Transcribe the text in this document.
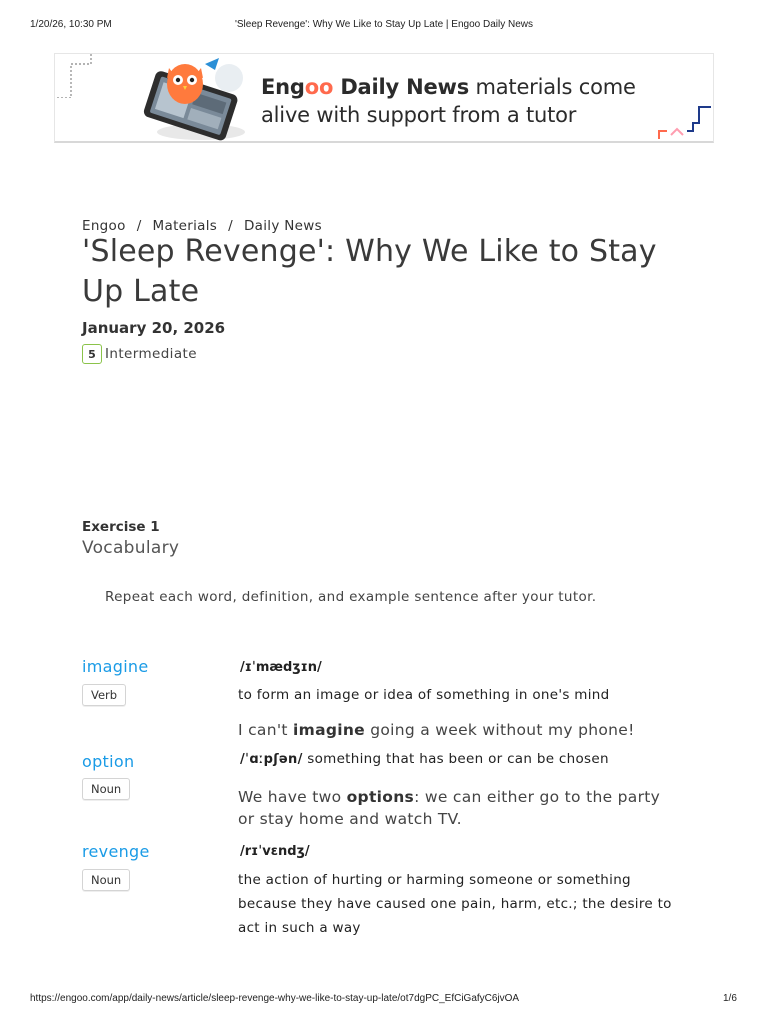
1/20/26, 10:30 PM	'Sleep Revenge': Why We Like to Stay Up Late | Engoo Daily News
Engoo Daily News materials come
alive with support from a tutor
Engoo / Materials / Daily News
'Sleep Revenge': Why We Like to Stay Up Late
January 20, 2026
5 Intermediate
Exercise 1
Vocabulary
Repeat each word, definition, and example sentence after your tutor.
imagine
Verb
/ɪˈmædʒɪn/
to form an image or idea of something in one's mind
I can't imagine going a week without my phone!
option
Noun
/ˈɑːpʃən/ something that has been or can be chosen
We have two options: we can either go to the party or stay home and watch TV.
revenge
Noun
/rɪˈvɛndʒ/
the action of hurting or harming someone or something because they have caused one pain, harm, etc.; the desire to act in such a way
https://engoo.com/app/daily-news/article/sleep-revenge-why-we-like-to-stay-up-late/ot7dgPC_EfCiGafyC6jvOA	1/6
